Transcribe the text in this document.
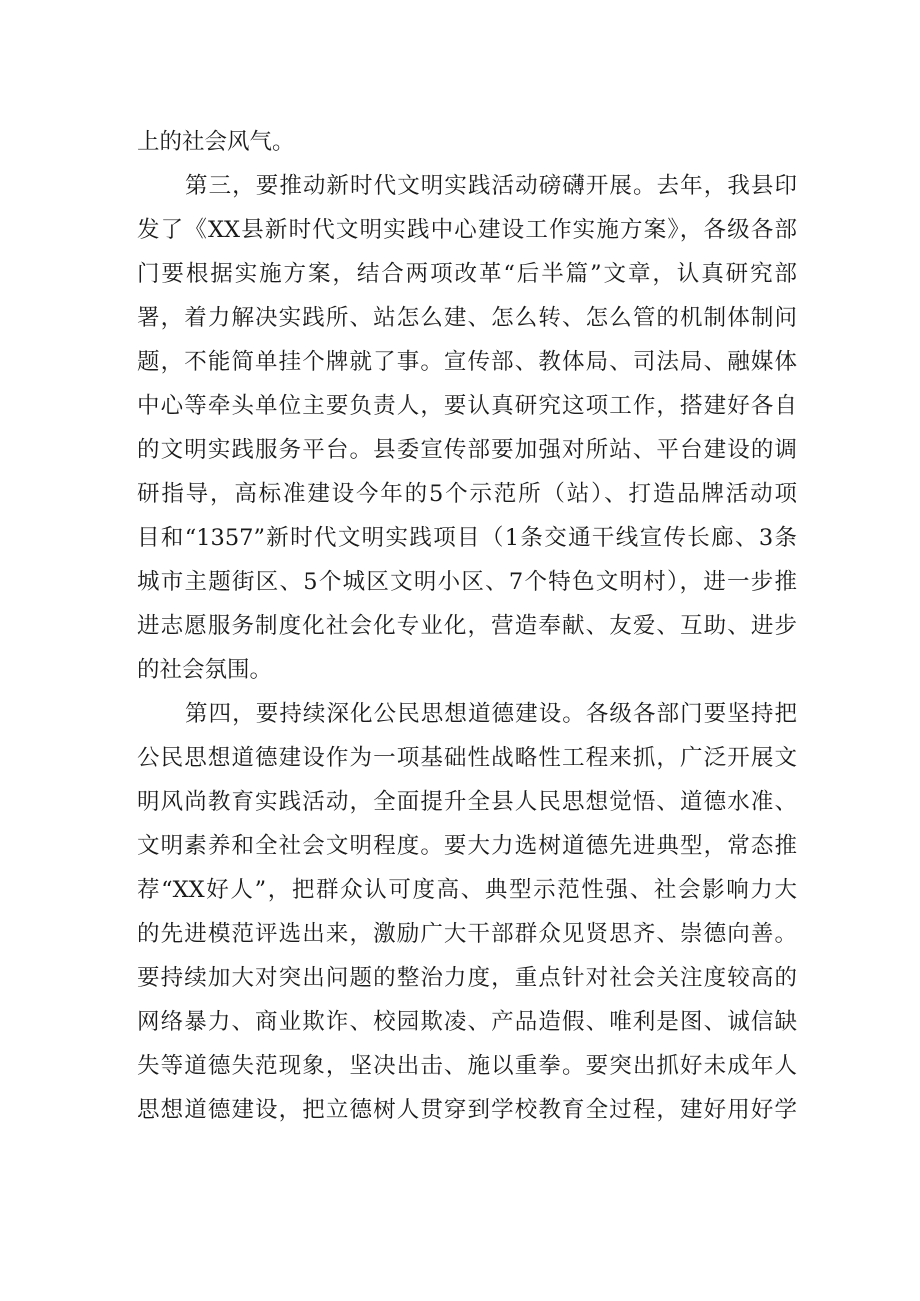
上的社会风气。
第三，要推动新时代文明实践活动磅礴开展。去年，我县印
发了《XX县新时代文明实践中心建设工作实施方案》，各级各部
门要根据实施方案，结合两项改革“后半篇”文章，认真研究部
署，着力解决实践所、站怎么建、怎么转、怎么管的机制体制问
题，不能简单挂个牌就了事。宣传部、教体局、司法局、融媒体
中心等牵头单位主要负责人，要认真研究这项工作，搭建好各自
的文明实践服务平台。县委宣传部要加强对所站、平台建设的调
研指导，高标准建设今年的5个示范所（站）、打造品牌活动项
目和“1357”新时代文明实践项目（1条交通干线宣传长廊、3条
城市主题街区、5个城区文明小区、7个特色文明村），进一步推
进志愿服务制度化社会化专业化，营造奉献、友爱、互助、进步
的社会氛围。
第四，要持续深化公民思想道德建设。各级各部门要坚持把
公民思想道德建设作为一项基础性战略性工程来抓，广泛开展文
明风尚教育实践活动，全面提升全县人民思想觉悟、道德水准、
文明素养和全社会文明程度。要大力选树道德先进典型，常态推
荐“XX好人”，把群众认可度高、典型示范性强、社会影响力大
的先进模范评选出来，激励广大干部群众见贤思齐、崇德向善。
要持续加大对突出问题的整治力度，重点针对社会关注度较高的
网络暴力、商业欺诈、校园欺凌、产品造假、唯利是图、诚信缺
失等道德失范现象，坚决出击、施以重拳。要突出抓好未成年人
思想道德建设，把立德树人贯穿到学校教育全过程，建好用好学
